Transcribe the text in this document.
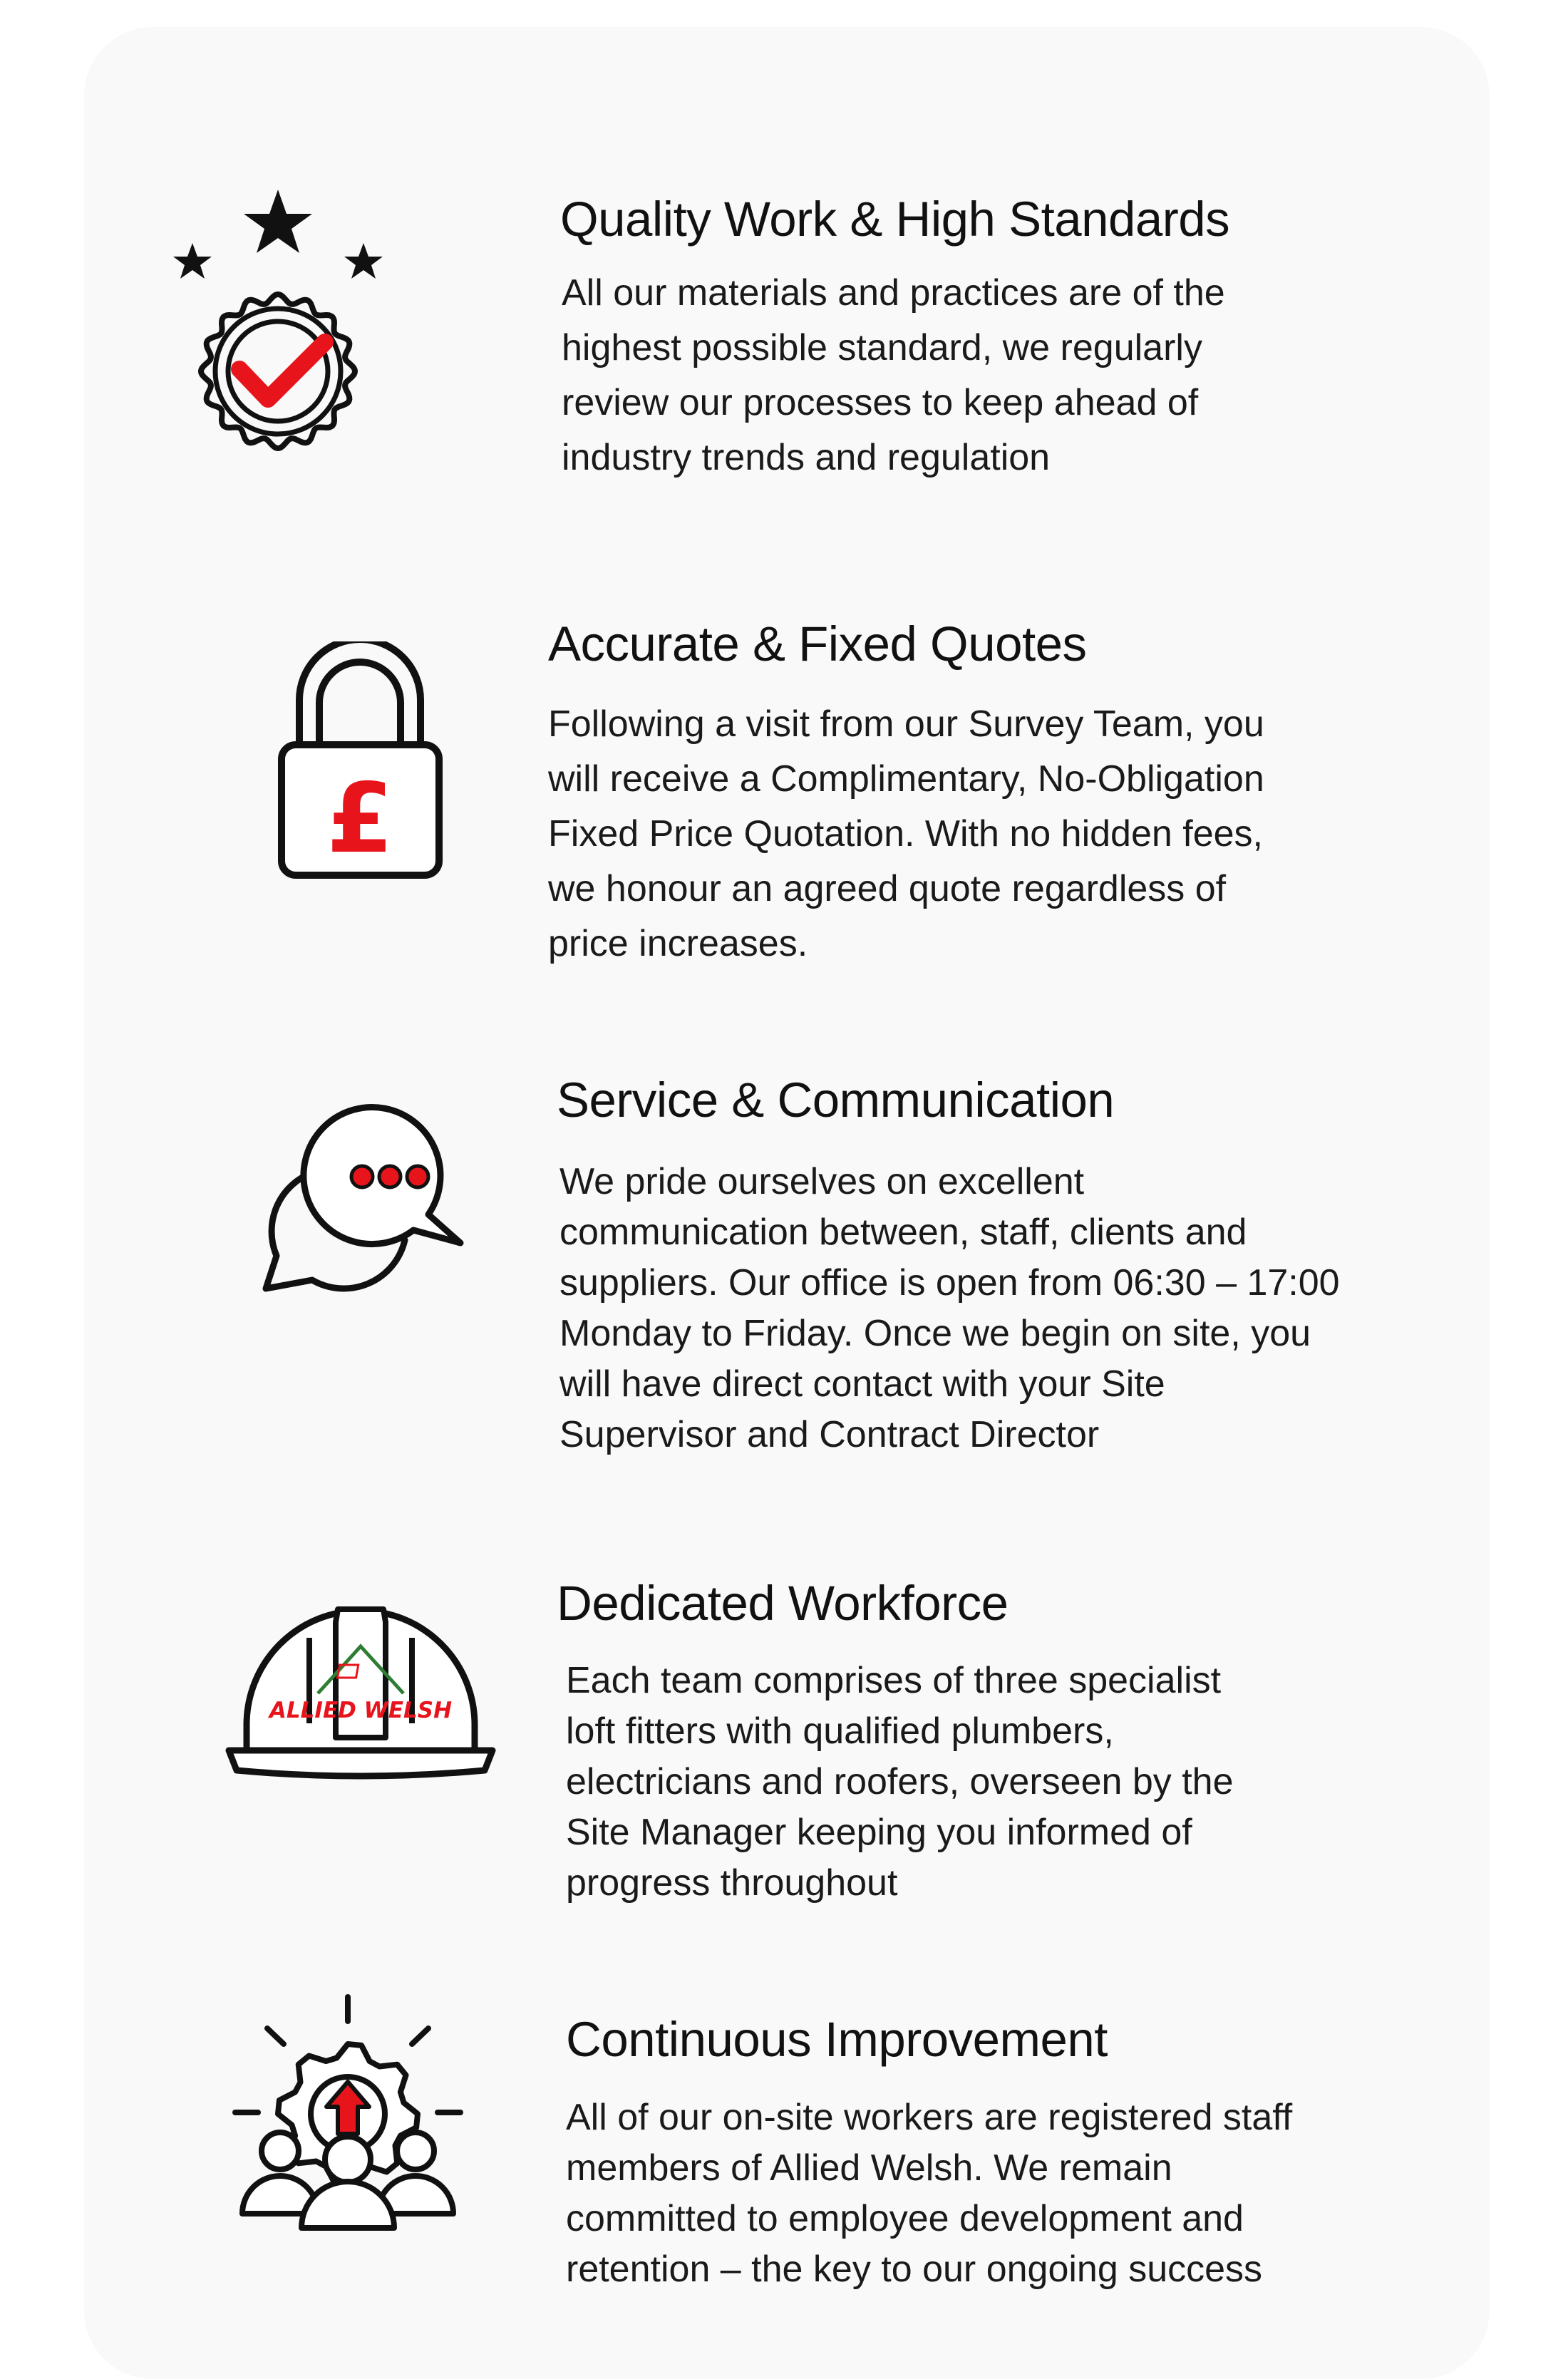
Quality Work & High Standards

All our materials and practices are of the
highest possible standard, we regularly
review our processes to keep ahead of
industry trends and regulation

£
Accurate & Fixed Quotes

Following a visit from our Survey Team, you
will receive a Complimentary, No-Obligation
Fixed Price Quotation. With no hidden fees,
we honour an agreed quote regardless of
price increases.

Service & Communication

We pride ourselves on excellent
communication between, staff, clients and
suppliers. Our office is open from 06:30 – 17:00
Monday to Friday. Once we begin on site, you
will have direct contact with your Site
Supervisor and Contract Director

ALLIED WELSH
Dedicated Workforce

Each team comprises of three specialist
loft fitters with qualified plumbers,
electricians and roofers, overseen by the
Site Manager keeping you informed of
progress throughout

Continuous Improvement

All of our on-site workers are registered staff
members of Allied Welsh. We remain
committed to employee development and
retention – the key to our ongoing success
